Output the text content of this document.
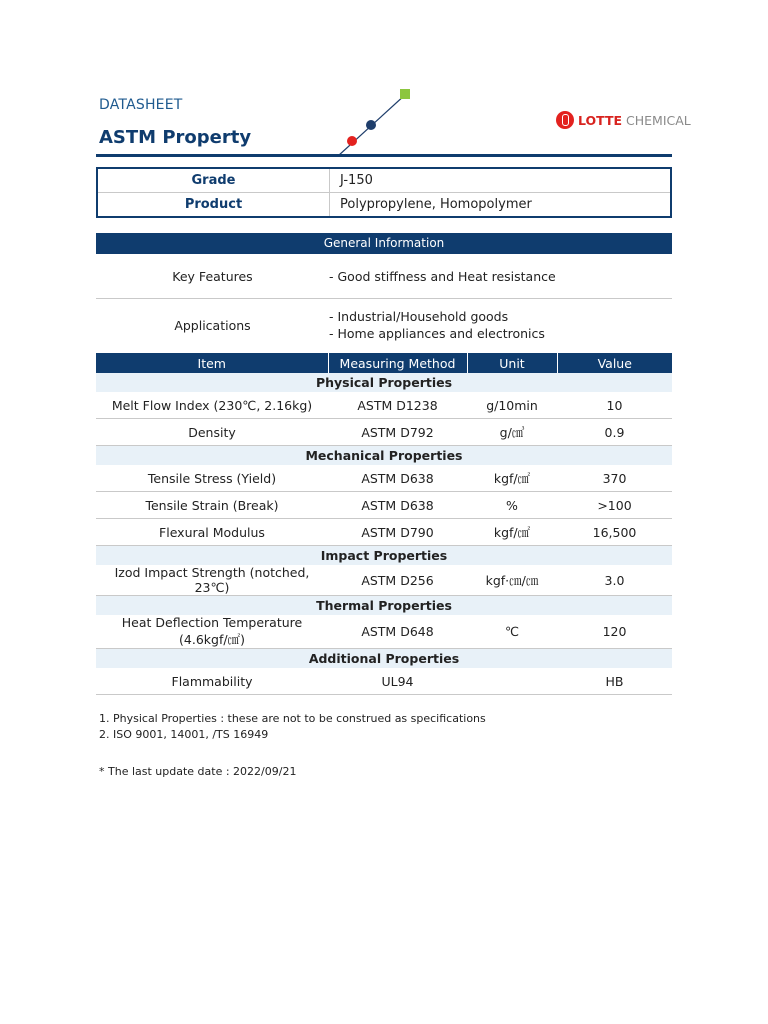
DATASHEET
ASTM Property
LOTTE CHEMICAL
Grade	J-150
Product	Polypropylene, Homopolymer
General Information
Key Features	- Good stiffness and Heat resistance
Applications
- Industrial/Household goods
- Home appliances and electronics
Item	Measuring Method	Unit	Value
Physical Properties			
Melt Flow Index (230℃, 2.16kg)	ASTM D1238	g/10min	10
Density	ASTM D792	g/㎤	0.9
Mechanical Properties			
Tensile Stress (Yield)	ASTM D638	kgf/㎠	370
Tensile Strain (Break)	ASTM D638	%	>100
Flexural Modulus	ASTM D790	kgf/㎠	16,500
Impact Properties			
Izod Impact Strength (notched, 23℃)	ASTM D256	kgf·㎝/㎝	3.0
Thermal Properties			
Heat Deflection Temperature (4.6kgf/㎠)	ASTM D648	℃	120
Additional Properties			
Flammability	UL94		HB
1. Physical Properties : these are not to be construed as specifications
2. ISO 9001, 14001, /TS 16949
* The last update date : 2022/09/21
